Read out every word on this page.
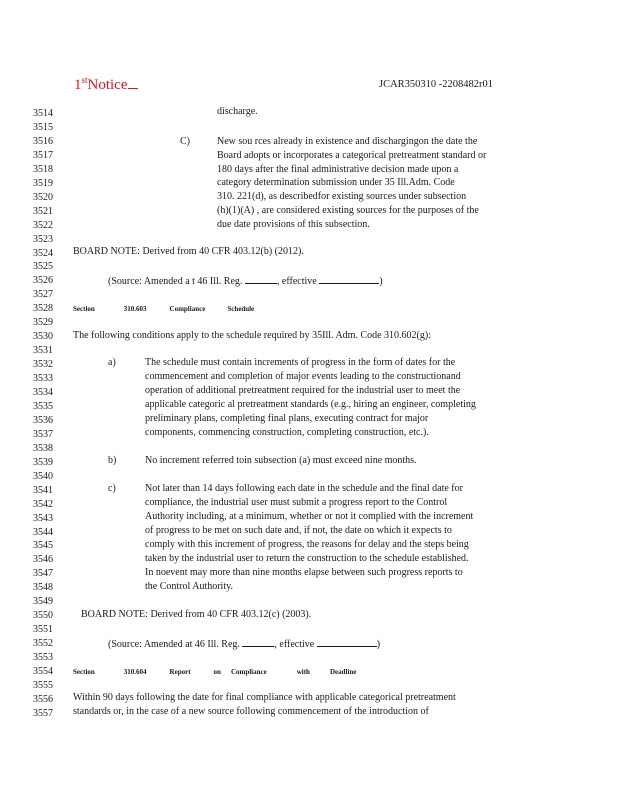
1stNotice	JCAR350310 -2208482r01
3514
3515
3516
3517
3518
3519
3520
3521
3522
3523
3524
3525
3526
3527
3528
3529
3530
3531
3532
3533
3534
3535
3536
3537
3538
3539
3540
3541
3542
3543
3544
3545
3546
3547
3548
3549
3550
3551
3552
3553
3554
3555
3556
3557
discharge.
C)	New sou rces already in existence and dischargingon the date the
Board adopts or incorporates a categorical pretreatment standard or
180 days after the final administrative decision made upon a
category determination submission under 35 Ill.Adm. Code
310. 221(d), as describedfor existing sources under subsection
(h)(1)(A) , are considered existing sources for the purposes of the
due date provisions of this subsection.
BOARD NOTE: Derived from 40 CFR 403.12(b) (2012).
(Source: Amended a t 46 Ill. Reg.	, effective	)
Section	310.603	Compliance	Schedule
The following conditions apply to the schedule required by 35Ill. Adm. Code 310.602(g):
a)	The schedule must contain increments of progress in the form of dates for the
commencement and completion of major events leading to the constructionand
operation of additional pretreatment required for the industrial user to meet the
applicable categoric al pretreatment standards (e.g., hiring an engineer, completing
preliminary plans, completing final plans, executing contract for major
components, commencing construction, completing construction, etc.).
b)	No increment referred toin subsection (a) must exceed nine months.
c)	Not later than 14 days following each date in the schedule and the final date for
compliance, the industrial user must submit a progress report to the Control
Authority including, at a minimum, whether or not it complied with the increment
of progress to be met on such date and, if not, the date on which it expects to
comply with this increment of progress, the reasons for delay and the steps being
taken by the industrial user to return the construction to the schedule established.
In noevent may more than nine months elapse between such progress reports to
the Control Authority.
BOARD NOTE: Derived from 40 CFR 403.12(c) (2003).
(Source: Amended at 46 Ill. Reg.	, effective	)
Section	310.604	Report	on Compliance	with	Deadline
Within 90 days following the date for final compliance with applicable categorical pretreatment
standards or, in the case of a new source following commencement of the introduction of
